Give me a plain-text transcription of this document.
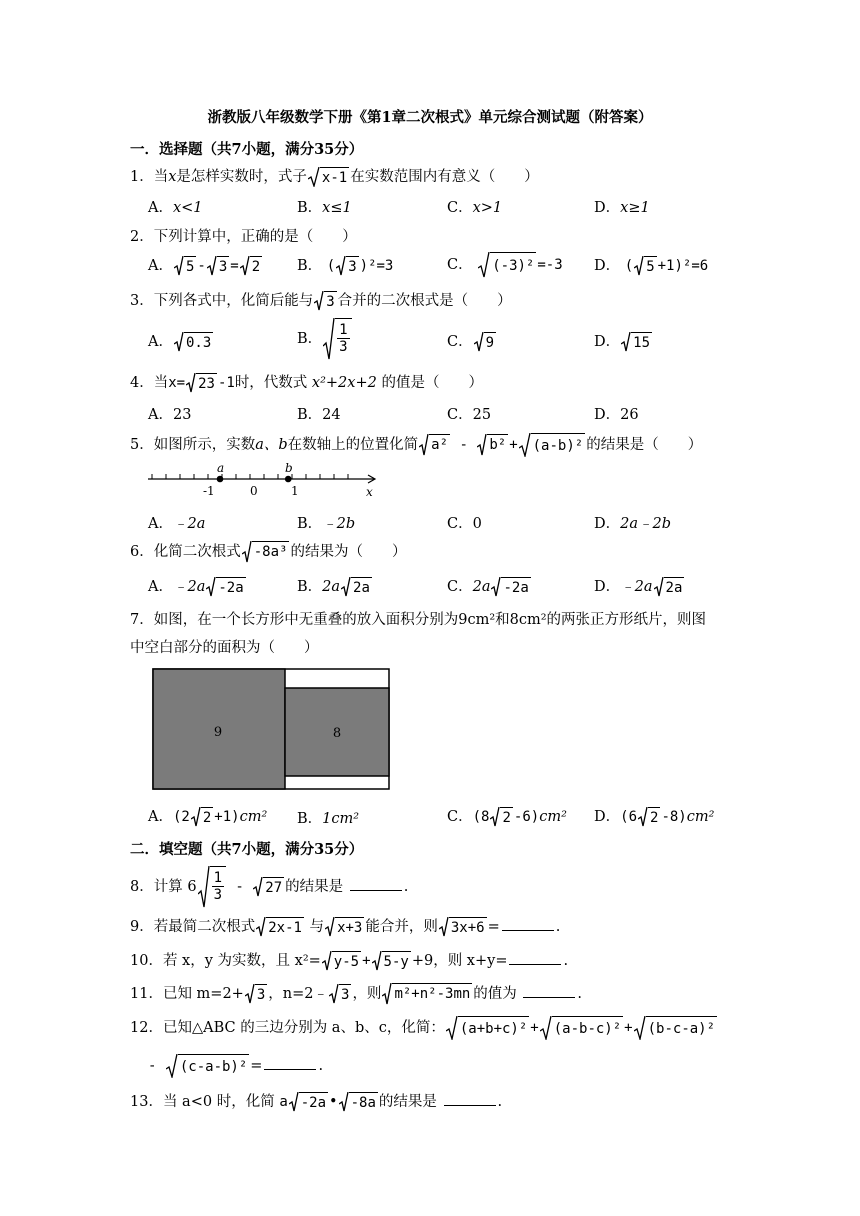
浙教版八年级数学下册《第1章二次根式》单元综合测试题（附答案）
一．选择题（共7小题，满分35分）
1．当x是怎样实数时，式子 x-1 在实数范围内有意义（　　）
A．x<1	B．x≤1	C．x>1	D．x≥1
2．下列计算中，正确的是（　　）
A． 5 - 3 = 2	B． ( 3 )²=3	C． (-3)² =-3 D． ( 5 +1)²=6
3．下列各式中，化简后能与 3 合并的二次根式是（　　）
A． 0.3	B． $\frac{1}{3}$	C． 9	D． 15
4．当x= 23 -1时，代数式 x²+2x+2 的值是（　　）
A．23	B．24	C．25	D．26
5．如图所示，实数a、b在数轴上的位置化简 a² - b² + (a-b)² 的结果是（　　）
a	b
-1	0	1	x
A．﹣2a	B．﹣2b	C．0	D．2a﹣2b
6．化简二次根式 -8a³ 的结果为（　　）
A．﹣2a -2a	B．2a 2a	C．2a -2a	D．﹣2a 2a
7．如图，在一个长方形中无重叠的放入面积分别为9cm²和8cm²的两张正方形纸片，则图
中空白部分的面积为（　　）
9	8
A．(2 2 +1)cm² B．1cm²	C．(8 2 -6)cm² D．(6 2 -8)cm²
二．填空题（共7小题，满分35分）
8．计算 $6 \frac{1}{3} - 27$ 的结果是	.
9．若最简二次根式 2x-1 与 x+3 能合并，则 3x+6 =	.
10．若 x，y 为实数，且 x²= y-5 + 5-y +9，则 x+y=	.
11．已知 m=2+ 3 ，n=2﹣ 3 ，则 m²+n²-3mn 的值为	.
12．已知△ABC 的三边分别为 a、b、c，化简： (a+b+c)² + (a-b-c)² + (b-c-a)²
- (c-a-b)² =	.
13．当 a<0 时，化简 a -2a • -8a 的结果是	.
